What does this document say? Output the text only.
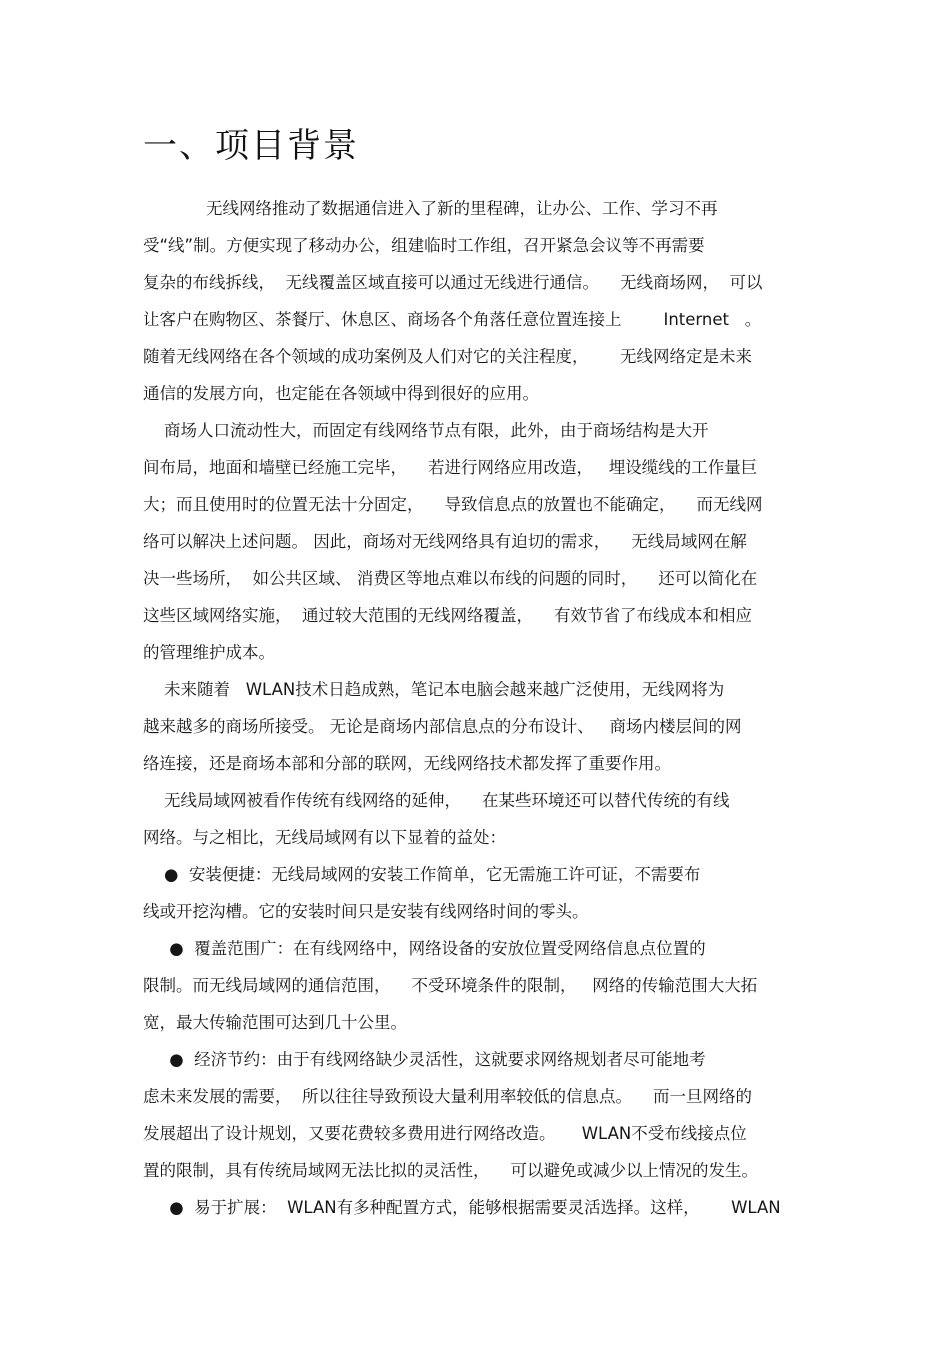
一、项目背景
无线网络推动了数据通信进入了新的里程碑，让办公、工作、学习不再
受“线”制。方便实现了移动办公，组建临时工作组，召开紧急会议等不再需要
复杂的布线拆线，  无线覆盖区域直接可以通过无线进行通信。    无线商场网，  可以
让客户在购物区、茶餐厅、休息区、商场各个角落任意位置连接上        Internet   。
随着无线网络在各个领域的成功案例及人们对它的关注程度，      无线网络定是未来
通信的发展方向，也定能在各领域中得到很好的应用。
商场人口流动性大，而固定有线网络节点有限，此外，由于商场结构是大开
间布局，地面和墙壁已经施工完毕，    若进行网络应用改造，   埋设缆线的工作量巨
大；而且使用时的位置无法十分固定，    导致信息点的放置也不能确定，    而无线网
络可以解决上述问题。 因此，商场对无线网络具有迫切的需求，    无线局域网在解
决一些场所，  如公共区域、 消费区等地点难以布线的问题的同时，    还可以简化在
这些区域网络实施，  通过较大范围的无线网络覆盖，    有效节省了布线成本和相应
的管理维护成本。
未来随着   WLAN技术日趋成熟，笔记本电脑会越来越广泛使用，无线网将为
越来越多的商场所接受。 无论是商场内部信息点的分布设计、   商场内楼层间的网
络连接，还是商场本部和分部的联网，无线网络技术都发挥了重要作用。
无线局域网被看作传统有线网络的延伸，    在某些环境还可以替代传统的有线
网络。与之相比，无线局域网有以下显着的益处：
●  安装便捷：无线局域网的安装工作简单，它无需施工许可证，不需要布
线或开挖沟槽。它的安装时间只是安装有线网络时间的零头。
●  覆盖范围广：在有线网络中，网络设备的安放位置受网络信息点位置的
限制。而无线局域网的通信范围，    不受环境条件的限制，   网络的传输范围大大拓
宽，最大传输范围可达到几十公里。
●  经济节约：由于有线网络缺少灵活性，这就要求网络规划者尽可能地考
虑未来发展的需要，  所以往往导致预设大量利用率较低的信息点。    而一旦网络的
发展超出了设计规划，又要花费较多费用进行网络改造。     WLAN不受布线接点位
置的限制，具有传统局域网无法比拟的灵活性，    可以避免或减少以上情况的发生。
●  易于扩展：  WLAN有多种配置方式，能够根据需要灵活选择。这样，      WLAN
